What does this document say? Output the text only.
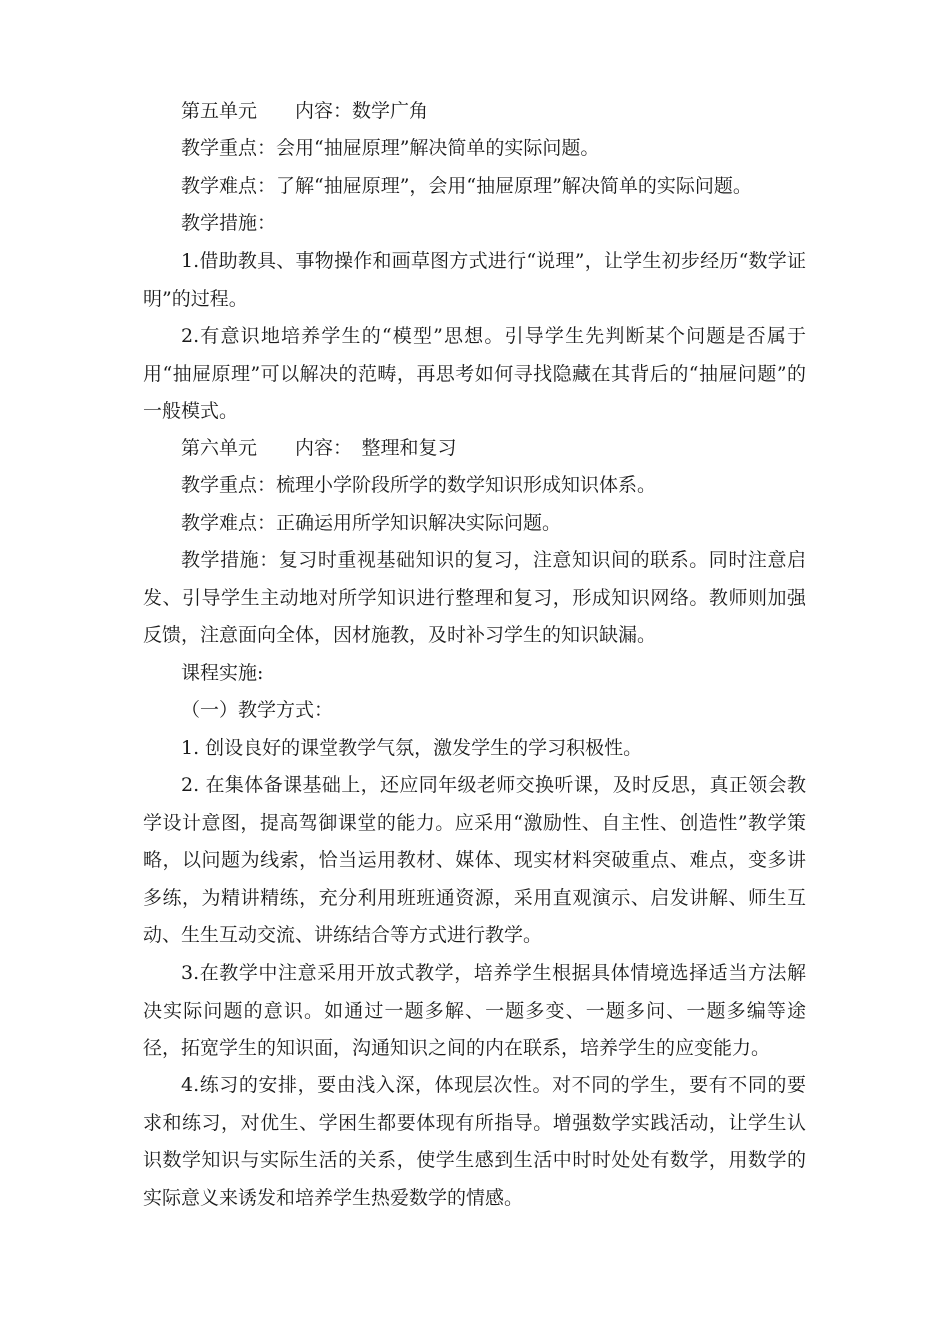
第五单元　　内容：数学广角

教学重点：会用“抽屉原理”解决简单的实际问题。

教学难点：了解“抽屉原理”，会用“抽屉原理”解决简单的实际问题。

教学措施：

1.借助教具、事物操作和画草图方式进行“说理”，让学生初步经历“数学证明”的过程。

2.有意识地培养学生的“模型”思想。引导学生先判断某个问题是否属于用“抽屉原理”可以解决的范畴，再思考如何寻找隐藏在其背后的“抽屉问题”的一般模式。

第六单元　　内容：　整理和复习

教学重点：梳理小学阶段所学的数学知识形成知识体系。

教学难点：正确运用所学知识解决实际问题。

教学措施：复习时重视基础知识的复习，注意知识间的联系。同时注意启发、引导学生主动地对所学知识进行整理和复习，形成知识网络。教师则加强反馈，注意面向全体，因材施教，及时补习学生的知识缺漏。

课程实施:

（一）教学方式：

1. 创设良好的课堂教学气氛，激发学生的学习积极性。

2. 在集体备课基础上，还应同年级老师交换听课，及时反思，真正领会教学设计意图，提高驾御课堂的能力。应采用“激励性、自主性、创造性”教学策略，以问题为线索，恰当运用教材、媒体、现实材料突破重点、难点，变多讲多练，为精讲精练，充分利用班班通资源，采用直观演示、启发讲解、师生互动、生生互动交流、讲练结合等方式进行教学。

3.在教学中注意采用开放式教学，培养学生根据具体情境选择适当方法解决实际问题的意识。如通过一题多解、一题多变、一题多问、一题多编等途径，拓宽学生的知识面，沟通知识之间的内在联系，培养学生的应变能力。

4.练习的安排，要由浅入深，体现层次性。对不同的学生，要有不同的要求和练习，对优生、学困生都要体现有所指导。增强数学实践活动，让学生认识数学知识与实际生活的关系，使学生感到生活中时时处处有数学，用数学的实际意义来诱发和培养学生热爱数学的情感。
